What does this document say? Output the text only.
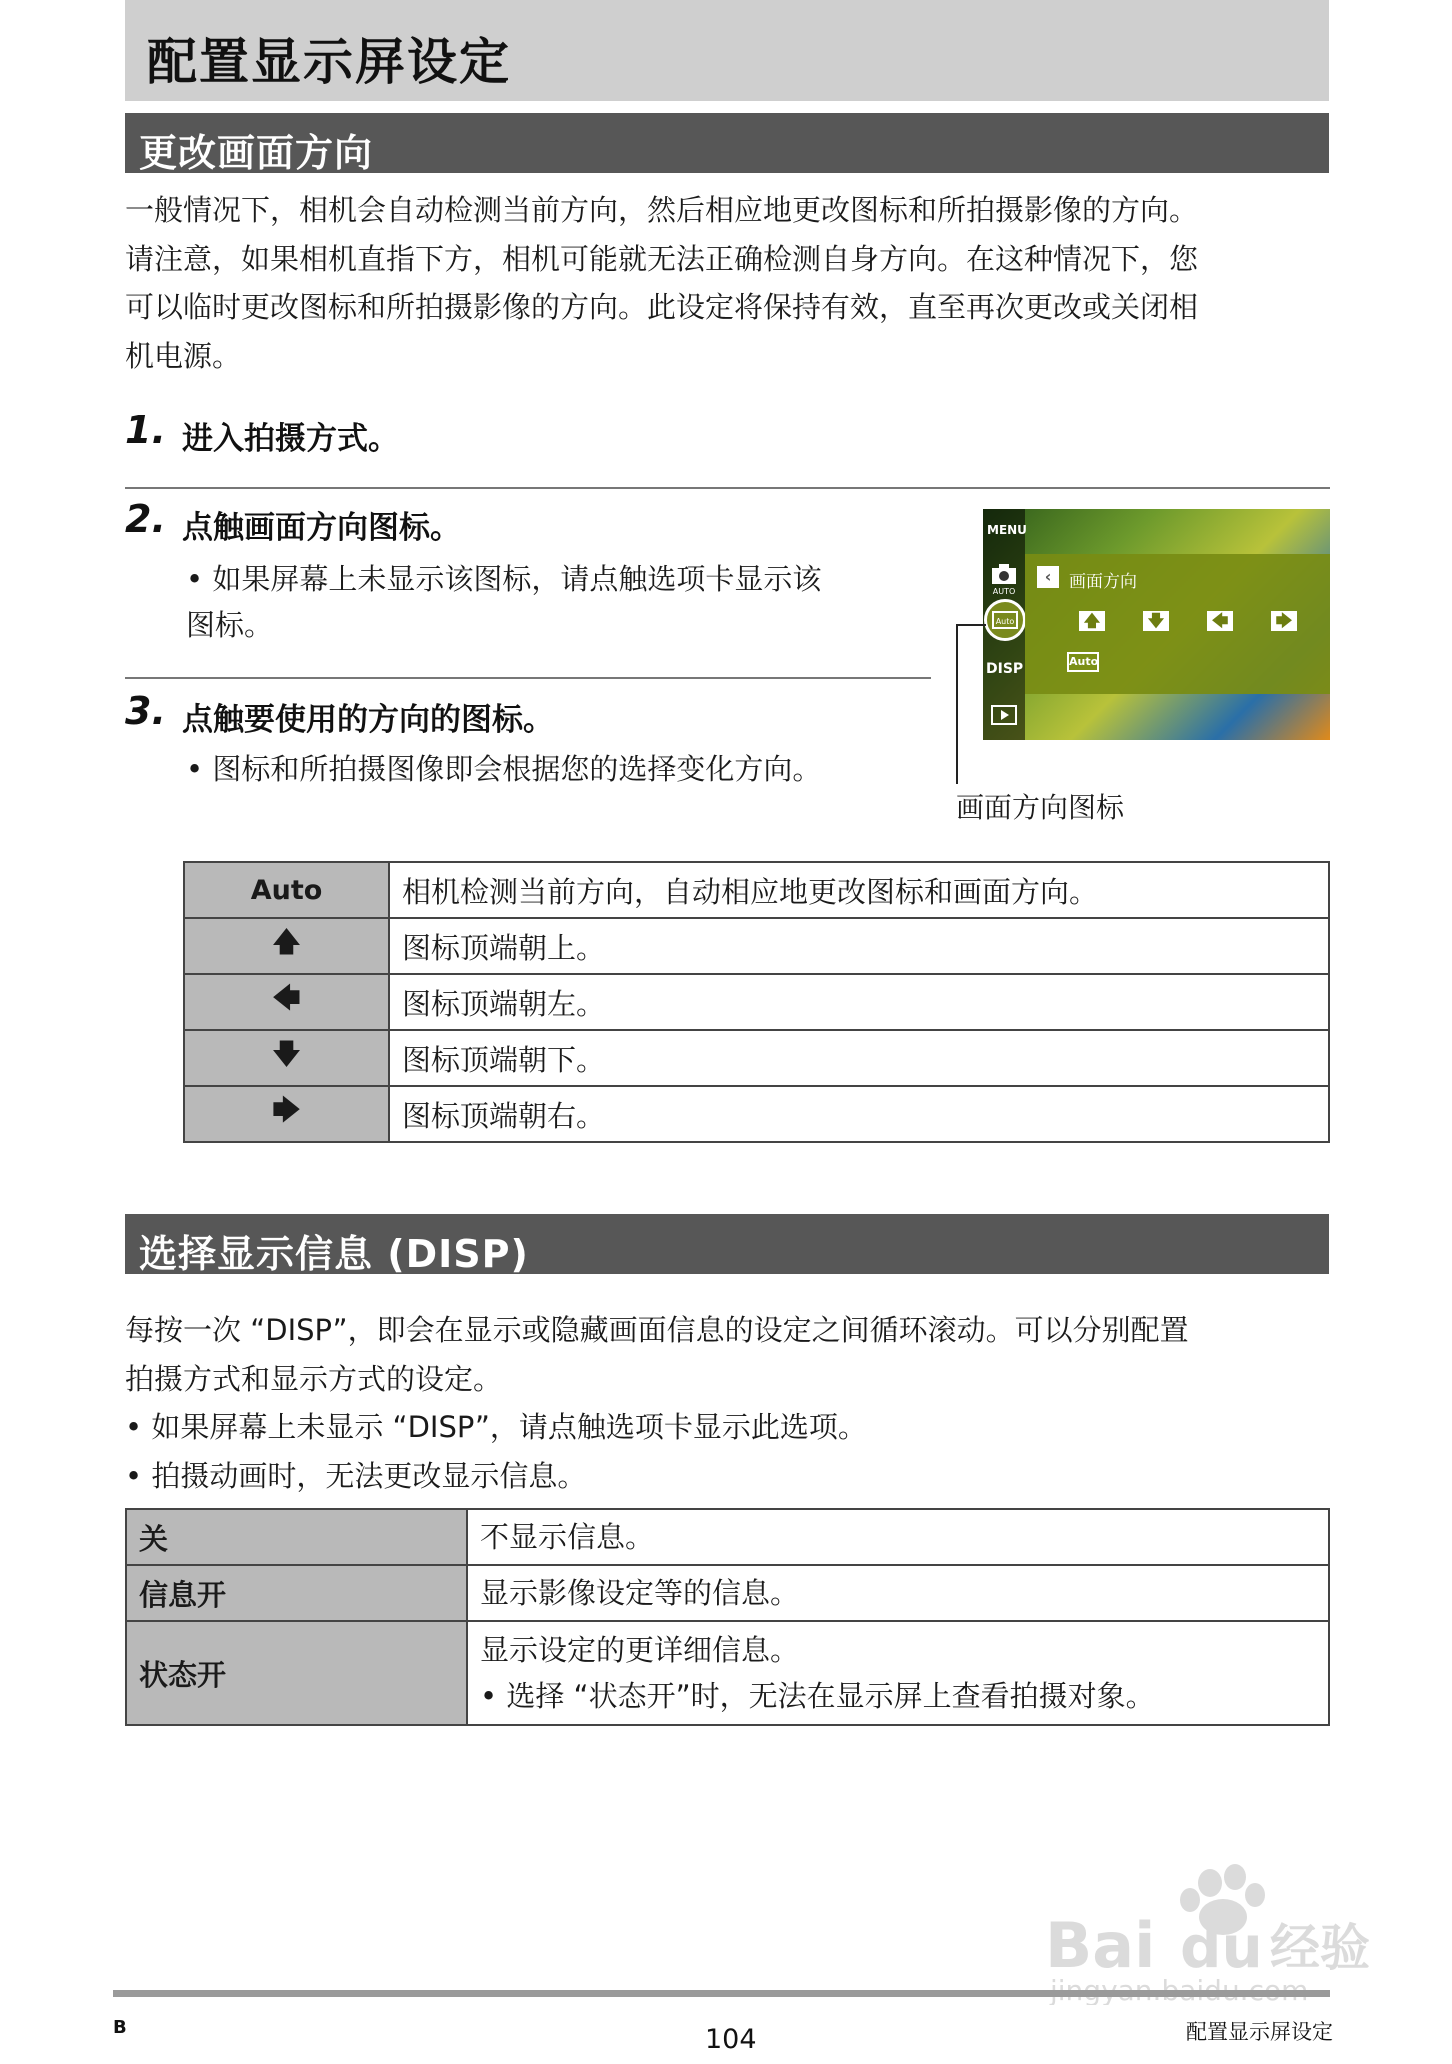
配置显示屏设定
更改画面方向
一般情况下，相机会自动检测当前方向，然后相应地更改图标和所拍摄影像的方向。
请注意，如果相机直指下方，相机可能就无法正确检测自身方向。在这种情况下，您
可以临时更改图标和所拍摄影像的方向。此设定将保持有效，直至再次更改或关闭相
机电源。
1. 进入拍摄方式。
2. 点触画面方向图标。
• 如果屏幕上未显示该图标，请点触选项卡显示该
图标。
3. 点触要使用的方向的图标。
• 图标和所拍摄图像即会根据您的选择变化方向。
MENU
AUTO
Auto
DISP
‹	画面方向
🡅	🡇	🡄	🡆
Auto
画面方向图标
Auto	相机检测当前方向，自动相应地更改图标和画面方向。
🡅	图标顶端朝上。
🡄	图标顶端朝左。
🡇	图标顶端朝下。
🡆	图标顶端朝右。
选择显示信息 (DISP)
每按一次 “DISP”，即会在显示或隐藏画面信息的设定之间循环滚动。可以分别配置
拍摄方式和显示方式的设定。
• 如果屏幕上未显示 “DISP”，请点触选项卡显示此选项。
• 拍摄动画时，无法更改显示信息。
关	不显示信息。
信息开	显示影像设定等的信息。
状态开	显示设定的更详细信息。
• 选择 “状态开”时，无法在显示屏上查看拍摄对象。
Bai du 经验
B	104	配置显示屏设定
